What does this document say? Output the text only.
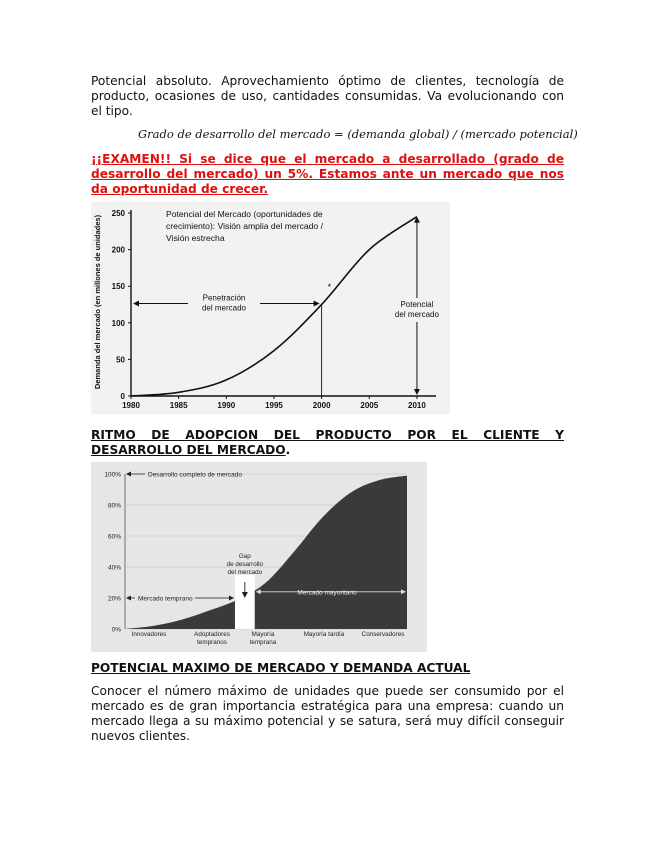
Potencial absoluto. Aprovechamiento óptimo de clientes, tecnología de producto, ocasiones de uso, cantidades consumidas. Va evolucionando con el tipo.

Grado de desarrollo del mercado = (demanda global) / (mercado potencial)

¡¡EXAMEN!! Si se dice que el mercado a desarrollado (grado de desarrollo del mercado) un 5%. Estamos ante un mercado que nos da oportunidad de crecer.

Potencial del Mercado (oportunidades de
crecimiento): Visión amplia del mercado /
Visión estrecha
0
50
100
150
200
250
1980	1985	1990	1995	2000	2005	2010
Penetración
del mercado
*
Potencial
del mercado
Demanda del mercado (en millones de unidades)
RITMO DE ADOPCION DEL PRODUCTO POR EL CLIENTE Y DESARROLLO DEL MERCADO.
0%
20%
40%
60%
80%
100%
Innovadores	Adoptadores
tempranos
Mayoría
temprana
Mayoría tardía	Conservadores
Desarrollo completo de mercado
Gap
de desarrollo
del mercado
Mercado temprano
Mercado mayoritario
POTENCIAL MAXIMO DE MERCADO Y DEMANDA ACTUAL

Conocer el número máximo de unidades que puede ser consumido por el mercado es de gran importancia estratégica para una empresa: cuando un mercado llega a su máximo potencial y se satura, será muy difícil conseguir nuevos clientes.
